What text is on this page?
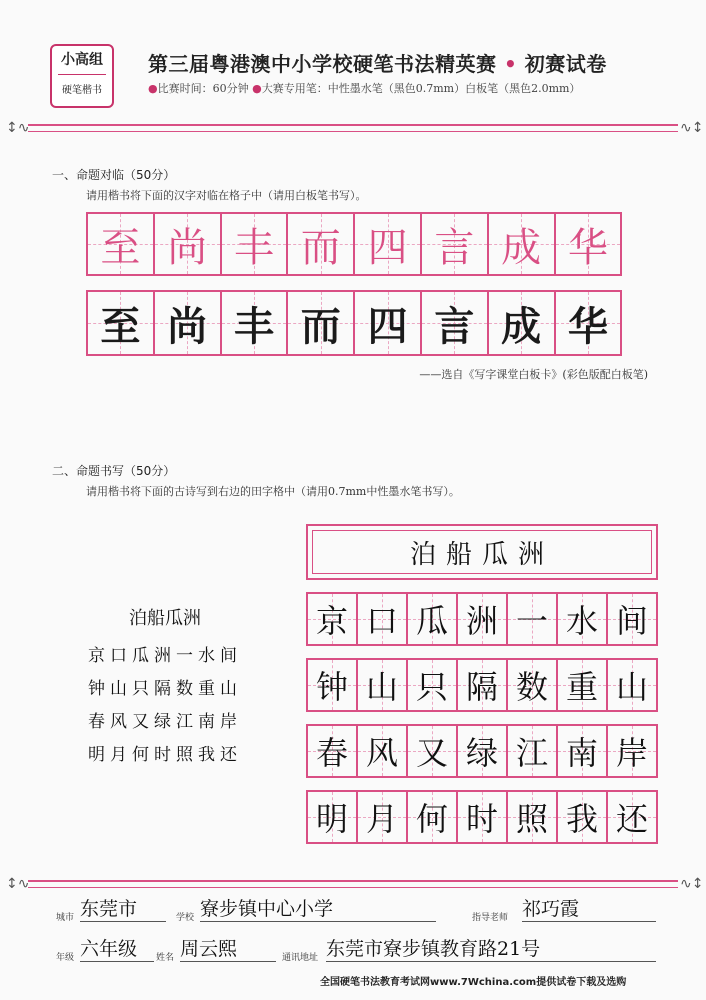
小高组
硬笔楷书
第三届粤港澳中小学校硬笔书法精英赛 • 初赛试卷
●比赛时间：60分钟 ●大赛专用笔：中性墨水笔（黑色0.7mm）白板笔（黑色2.0mm）
↕∿	∿↕
一、命题对临（50分）
请用楷书将下面的汉字对临在格子中（请用白板笔书写）。
至 尚 丰 而 四 言 成 华
至 尚 丰 而 四 言 成 华
——选自《写字课堂白板卡》(彩色版配白板笔)
二、命题书写（50分）
请用楷书将下面的古诗写到右边的田字格中（请用0.7mm中性墨水笔书写）。
泊船瓜洲
泊船瓜洲
京口瓜洲一水间
钟山只隔数重山
春风又绿江南岸
明月何时照我还
京 口 瓜 洲 一 水 间
钟 山 只 隔 数 重 山
春 风 又 绿 江 南 岸
明 月 何 时 照 我 还
↕∿	∿↕
城市 东莞市	学校 寮步镇中心小学	指导老师 祁巧霞
年级 六年级	姓名 周云熙	通讯地址 东莞市寮步镇教育路21号
全国硬笔书法教育考试网www.7Wchina.com提供试卷下载及选购
